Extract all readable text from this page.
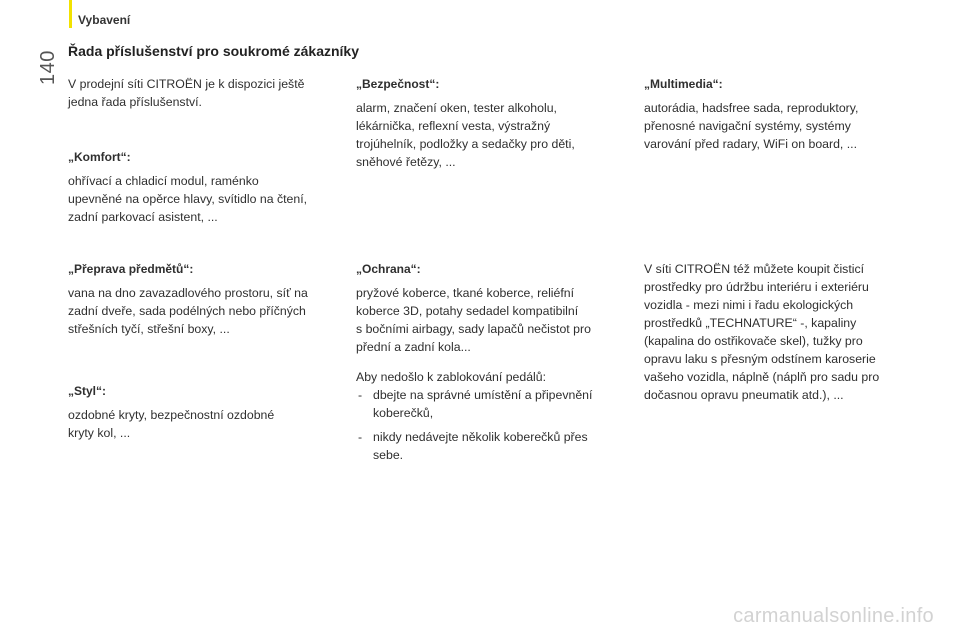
Vybavení
140 Řada příslušenství pro soukromé zákazníky

V prodejní síti CITROËN je k dispozici ještě

jedna řada příslušenství.

„Komfort“:

ohřívací a chladicí modul, raménko

upevněné na opěrce hlavy, svítidlo na čtení,

zadní parkovací asistent, ...

„Přeprava předmětů“:

vana na dno zavazadlového prostoru, síť na

zadní dveře, sada podélných nebo příčných

střešních tyčí, střešní boxy, ...

„Styl“:

ozdobné kryty, bezpečnostní ozdobné

kryty kol, ...

„Bezpečnost“:

alarm, značení oken, tester alkoholu,

lékárnička, reflexní vesta, výstražný

trojúhelník, podložky a sedačky pro děti,

sněhové řetězy, ...

„Ochrana“:

pryžové koberce, tkané koberce, reliéfní

koberce 3D, potahy sedadel kompatibilní

s bočními airbagy, sady lapačů nečistot pro

přední a zadní kola...

Aby nedošlo k zablokování pedálů:

- dbejte na správné umístění a připevnění
koberečků,
- nikdy nedávejte několik koberečků přes
sebe.

„Multimedia“:

autorádia, hadsfree sada, reproduktory,

přenosné navigační systémy, systémy

varování před radary, WiFi on board, ...

V síti CITROËN též můžete koupit čisticí

prostředky pro údržbu interiéru i exteriéru

vozidla - mezi nimi i řadu ekologických

prostředků „TECHNATURE“ -, kapaliny

(kapalina do ostřikovače skel), tužky pro

opravu laku s přesným odstínem karoserie

vašeho vozidla, náplně (náplň pro sadu pro

dočasnou opravu pneumatik atd.), ...

carmanualsonline.info
